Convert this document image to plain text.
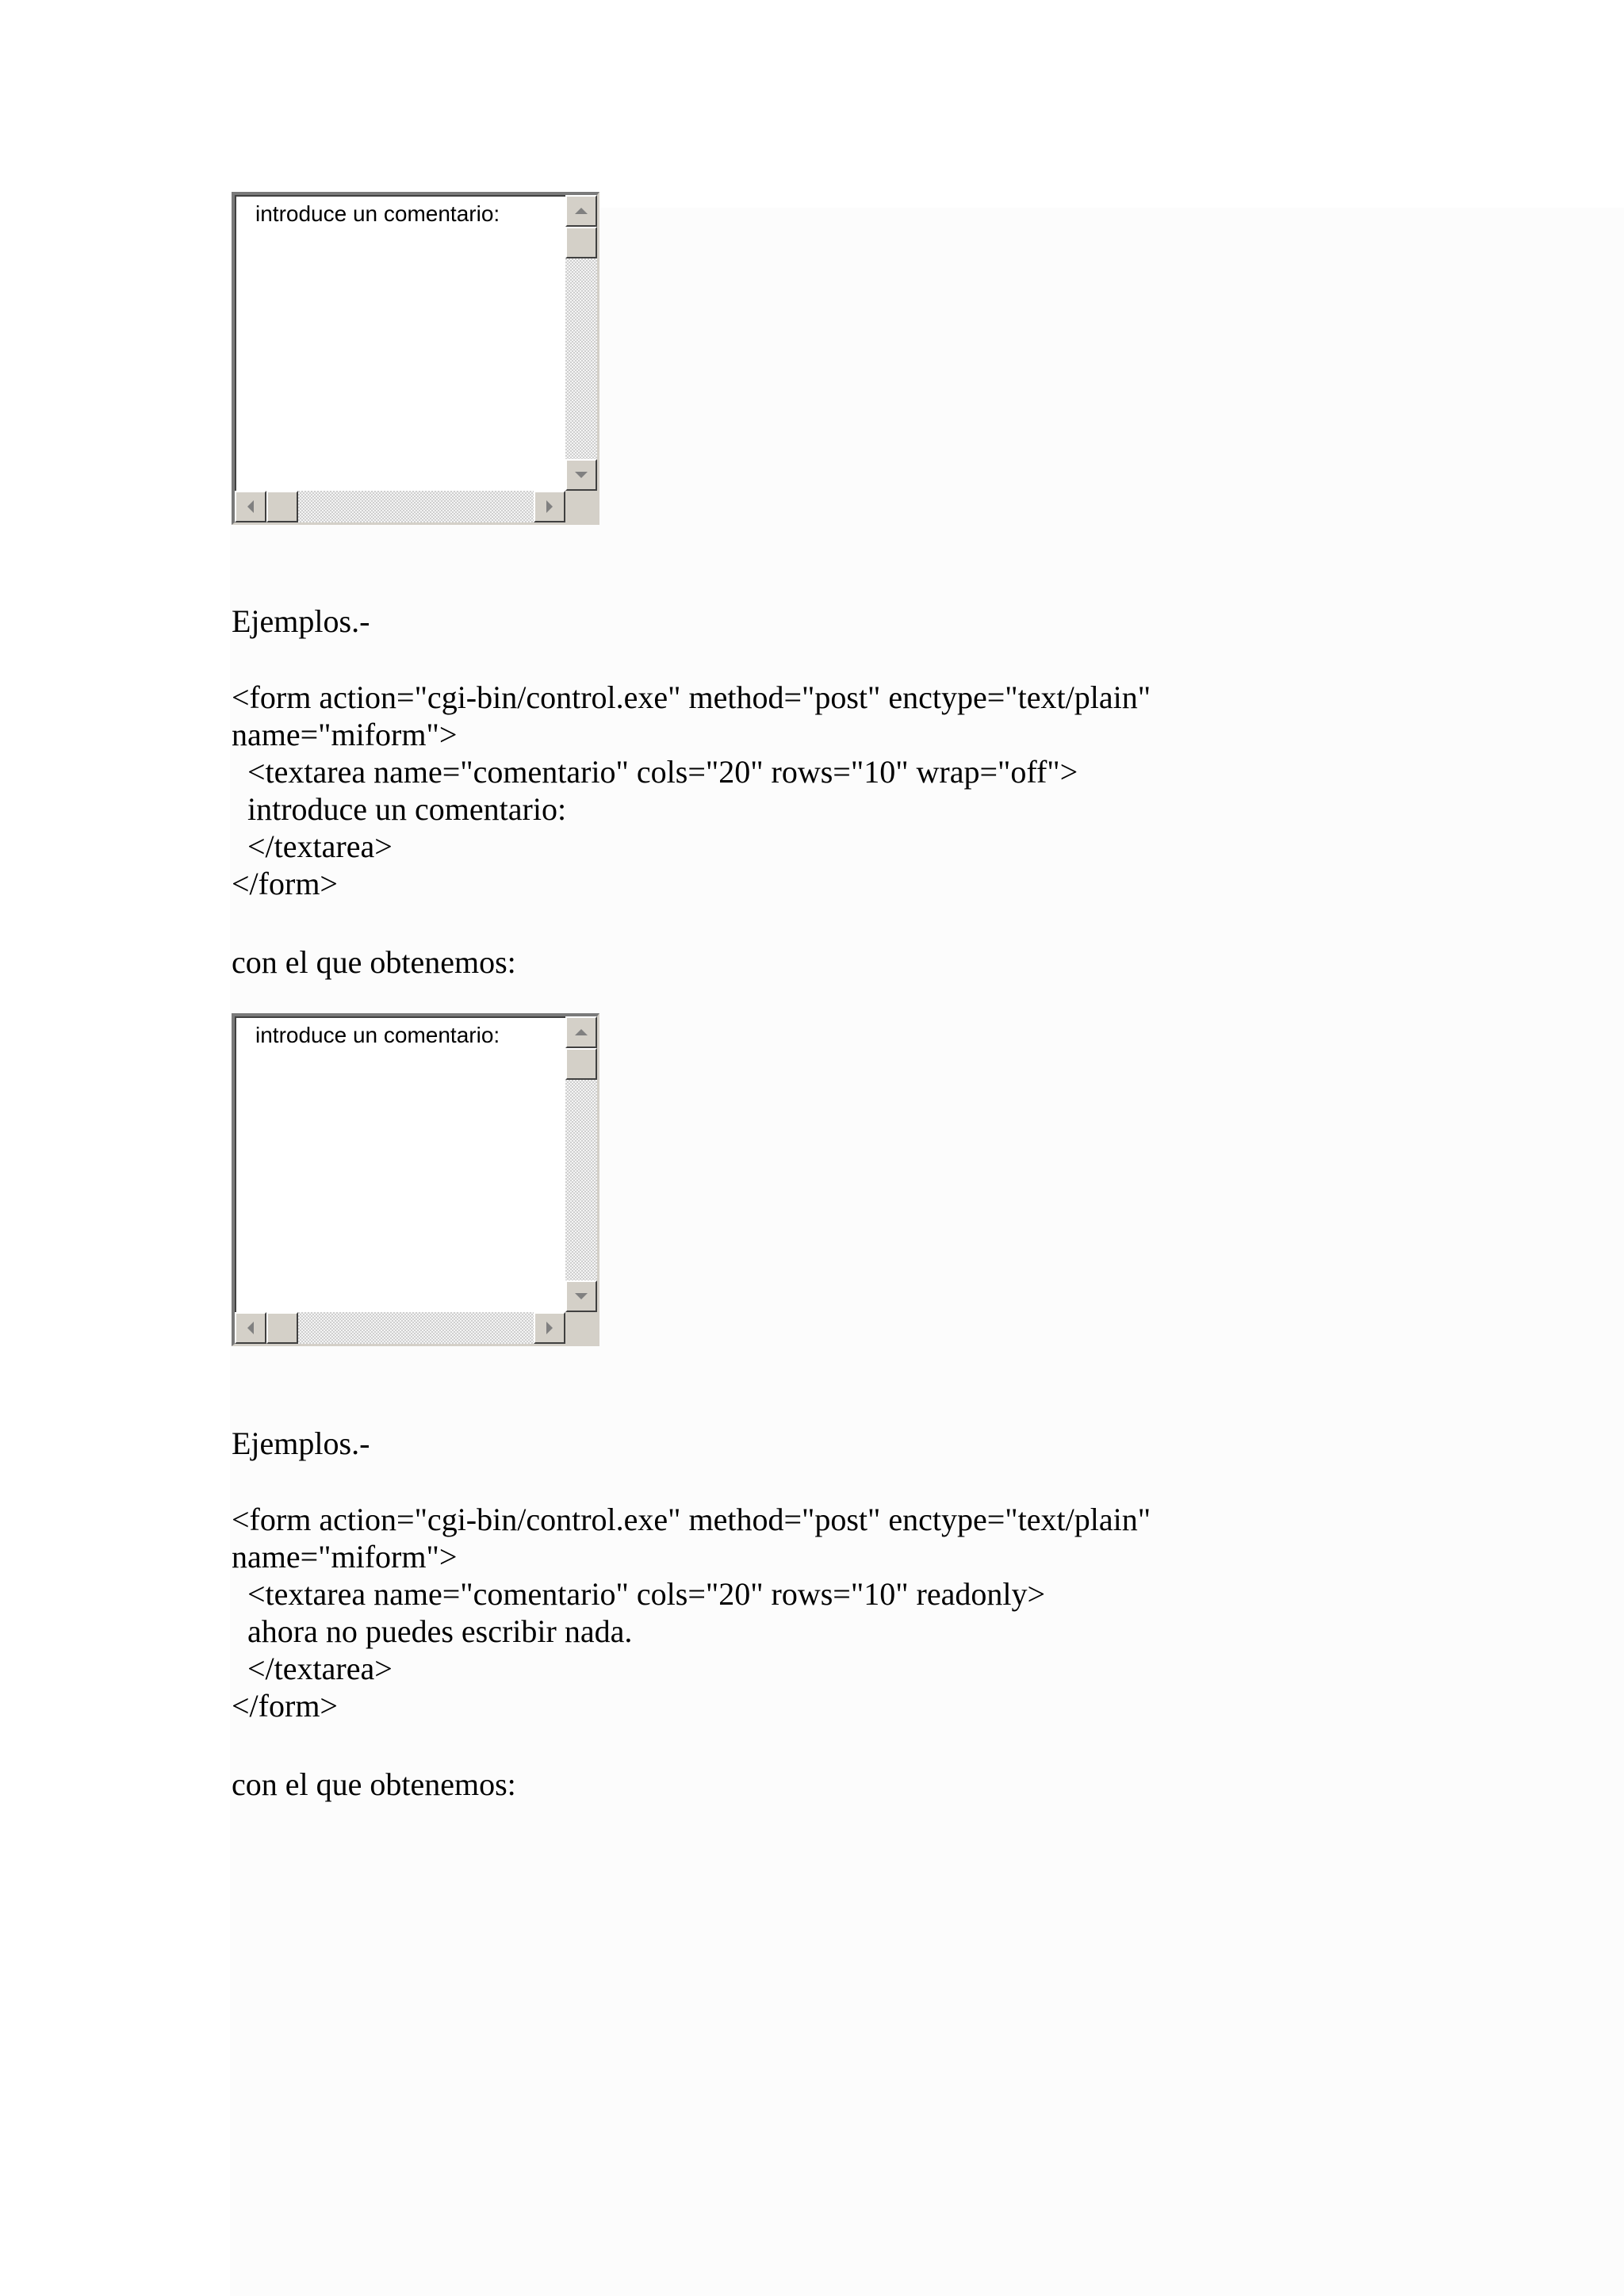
introduce un comentario:

Ejemplos.-

<form action="cgi-bin/control.exe" method="post" enctype="text/plain"

name="miform">

<textarea name="comentario" cols="20" rows="10" wrap="off">

introduce un comentario:

</textarea>

</form>

con el que obtenemos:

introduce un comentario:

Ejemplos.-

<form action="cgi-bin/control.exe" method="post" enctype="text/plain"

name="miform">

<textarea name="comentario" cols="20" rows="10" readonly>

ahora no puedes escribir nada.

</textarea>

</form>

con el que obtenemos:
